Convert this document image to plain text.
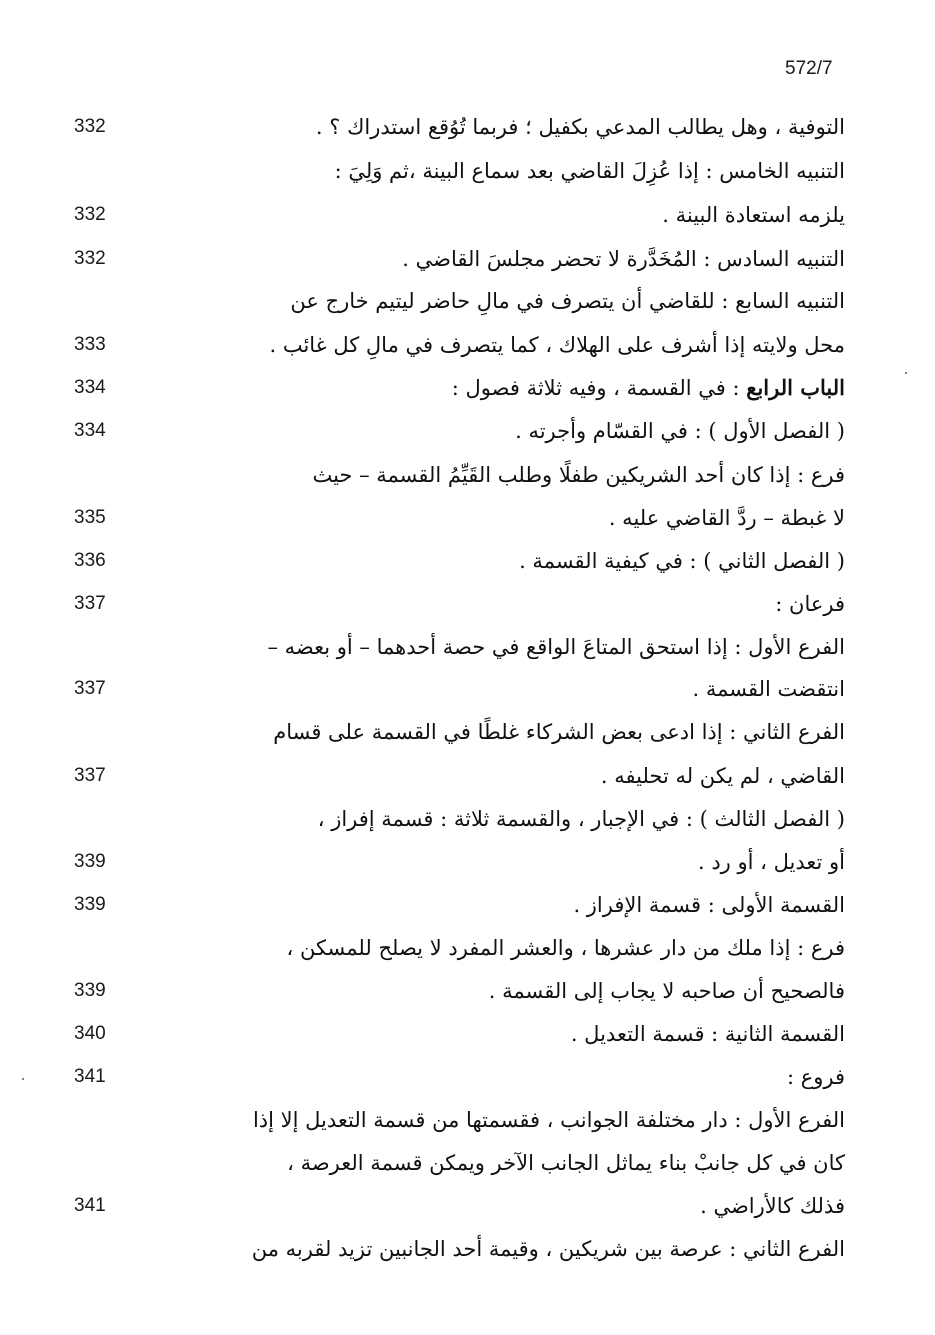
572/7
التوفية ، وهل يطالب المدعي بكفيل ؛ فربما تُوُقع استدراك ؟ .
332
التنبيه الخامس : إذا عُزِلَ القاضي بعد سماع البينة ،ثم وَلِيَ :
يلزمه استعادة البينة .
332
التنبيه السادس : المُخَدَّرة لا تحضر مجلسَ القاضي .
332
التنبيه السابع : للقاضي أن يتصرف في مالِ حاضر ليتيم خارج عن
محل ولايته إذا أشرف على الهلاك ، كما يتصرف في مالِ كل غائب .
333
الباب الرابع : في القسمة ، وفيه ثلاثة فصول :
334
( الفصل الأول ) : في القسّام وأجرته .
334
فرع : إذا كان أحد الشريكين طفلًا وطلب القَيِّمُ القسمة – حيث
لا غبطة – ردَّ القاضي عليه .
335
( الفصل الثاني ) : في كيفية القسمة .
336
فرعان :
337
الفرع الأول : إذا استحق المتاعَ الواقع في حصة أحدهما – أو بعضه –
انتقضت القسمة .
337
الفرع الثاني : إذا ادعى بعض الشركاء غلطًا في القسمة على قسام
القاضي ، لم يكن له تحليفه .
337
( الفصل الثالث ) : في الإجبار ، والقسمة ثلاثة : قسمة إفراز ،
أو تعديل ، أو رد .
339
القسمة الأولى : قسمة الإفراز .
339
فرع : إذا ملك من دار عشرها ، والعشر المفرد لا يصلح للمسكن ،
فالصحيح أن صاحبه لا يجاب إلى القسمة .
339
القسمة الثانية : قسمة التعديل .
340
فروع :
341
الفرع الأول : دار مختلفة الجوانب ، فقسمتها من قسمة التعديل إلا إذا
كان في كل جانبْ بناء يماثل الجانب الآخر ويمكن قسمة العرصة ،
فذلك كالأراضي .
341
الفرع الثاني : عرصة بين شريكين ، وقيمة أحد الجانبين تزيد لقربه من
